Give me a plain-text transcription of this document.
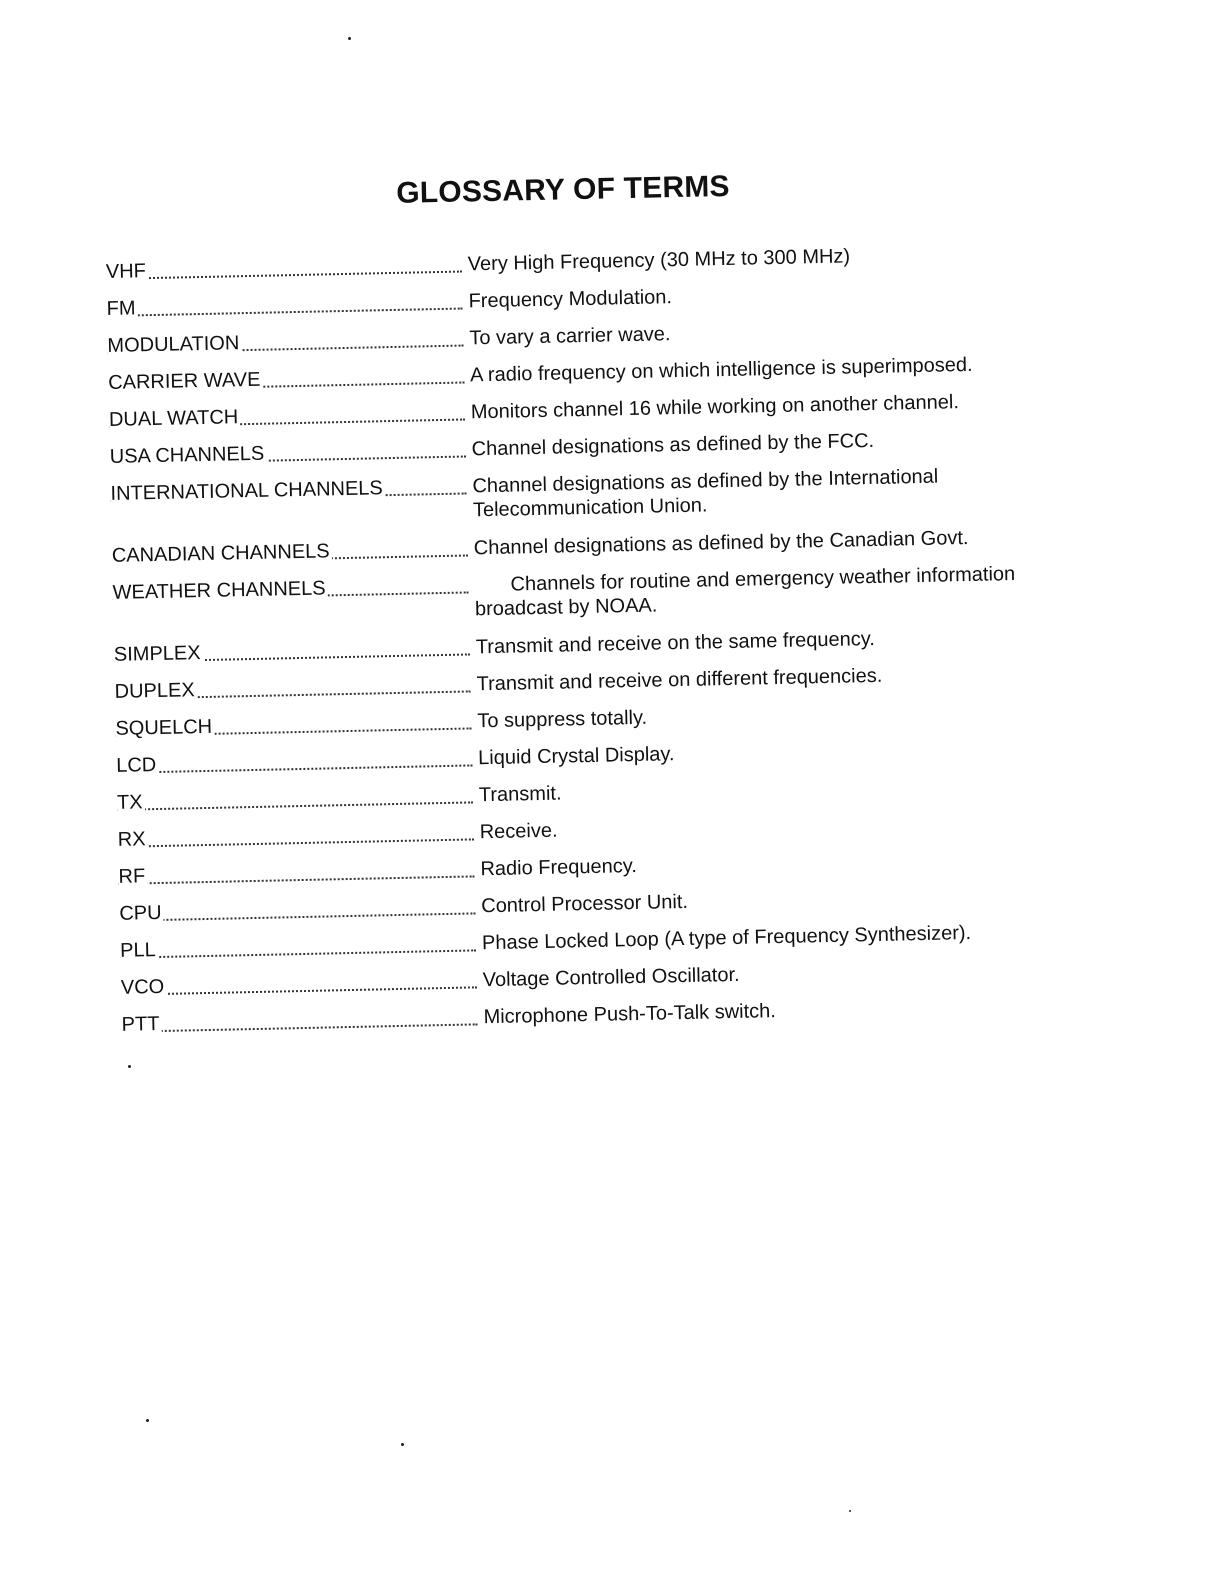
GLOSSARY OF TERMS
VHF	Very High Frequency (30 MHz to 300 MHz)
FM	Frequency Modulation.
MODULATION	To vary a carrier wave.
CARRIER WAVE	A radio frequency on which intelligence is superimposed.
DUAL WATCH	Monitors channel 16 while working on another channel.
USA CHANNELS	Channel designations as defined by the FCC.
INTERNATIONAL CHANNELS	Channel designations as defined by the International Telecommunication Union.
CANADIAN CHANNELS	Channel designations as defined by the Canadian Govt.
WEATHER CHANNELS	Channels for routine and emergency weather information broadcast by NOAA.
SIMPLEX	Transmit and receive on the same frequency.
DUPLEX	Transmit and receive on different frequencies.
SQUELCH	To suppress totally.
LCD	Liquid Crystal Display.
TX	Transmit.
RX	Receive.
RF	Radio Frequency.
CPU	Control Processor Unit.
PLL	Phase Locked Loop (A type of Frequency Synthesizer).
VCO	Voltage Controlled Oscillator.
PTT	Microphone Push-To-Talk switch.
